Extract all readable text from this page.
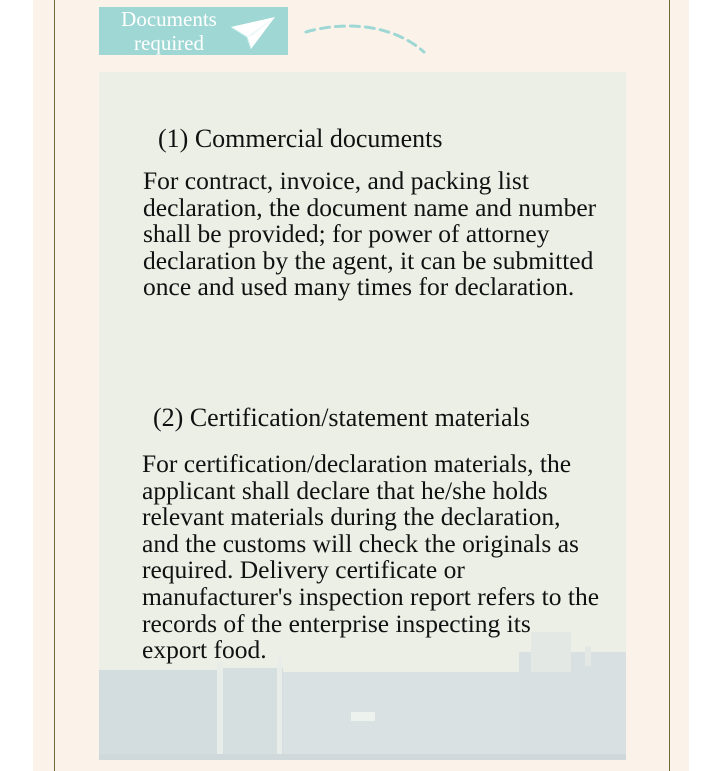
Documents
required
(1) Commercial documents

For contract, invoice, and packing list declaration, the document name and number shall be provided; for power of attorney declaration by the agent, it can be submitted once and used many times for declaration.

(2) Certification/statement materials

For certification/declaration materials, the applicant shall declare that he/she holds relevant materials during the declaration, and the customs will check the originals as required. Delivery certificate or manufacturer's inspection report refers to the records of the enterprise inspecting its export food.
